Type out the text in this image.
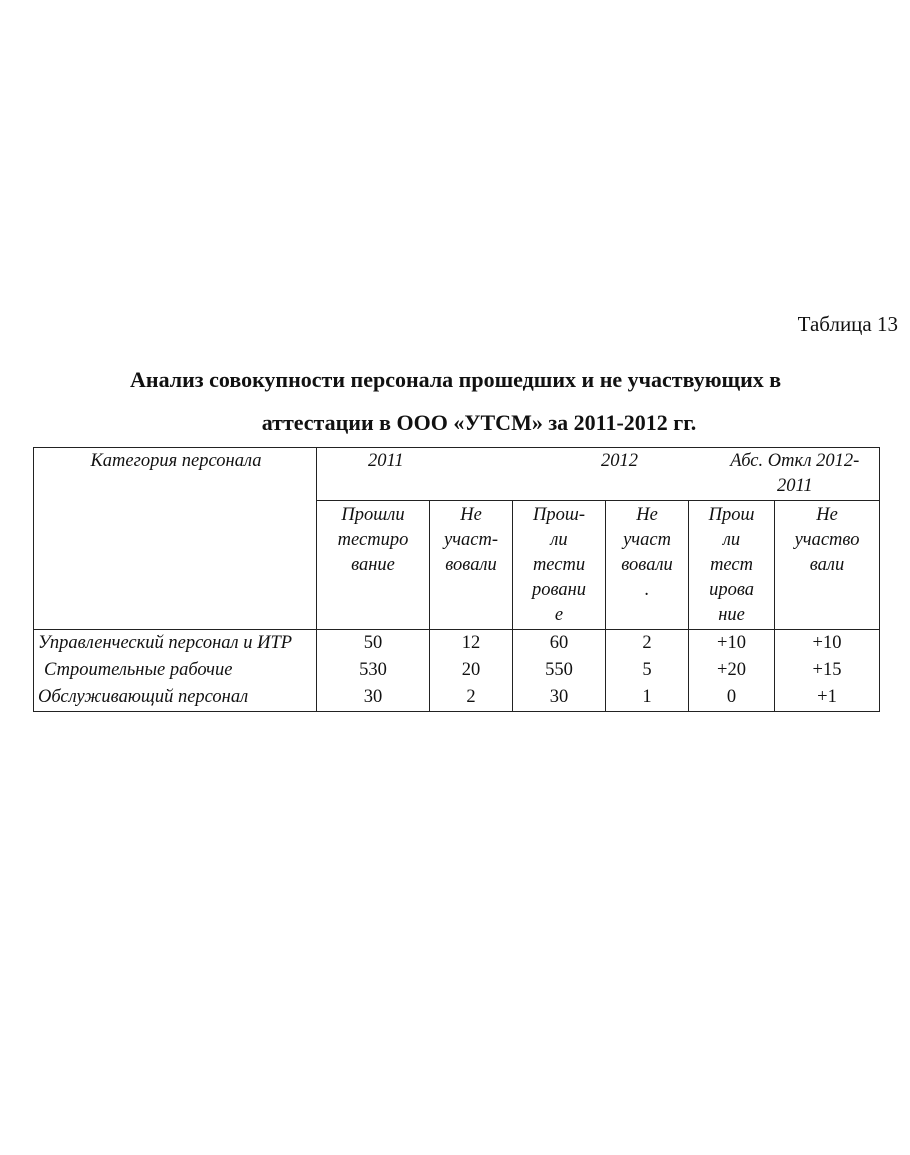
Таблица 13
Анализ совокупности персонала прошедших и не участвующих в
аттестации в ООО «УТСМ» за 2011-2012 гг.
Категория персонала	2011		2012		Абс. Откл 2012-2011	
	Прошли
тестиро
вание	Не
участ-
вовали	Прош-
ли
тести
ровани
е	Не
участ
вовали
.	Прош
ли
тест
ирова
ние	Не
участво
вали
Управленческий персонал и ИТР	50	12	60	2	+10	+10
Строительные рабочие	530	20	550	5	+20	+15
Обслуживающий персонал	30	2	30	1	0	+1
